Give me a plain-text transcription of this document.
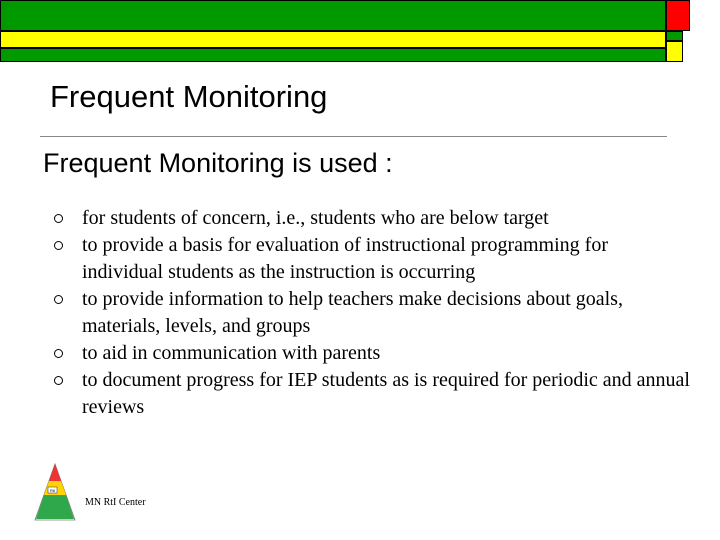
Frequent Monitoring
Frequent Monitoring is used :
for students of concern, i.e., students who are below target
to provide a basis for evaluation of instructional programming for individual students as the instruction is occurring
to provide information to help teachers make decisions about goals, materials, levels, and groups
to aid in communication with parents
to document progress for IEP students as is required for periodic and annual reviews
RtI
MN RtI Center
